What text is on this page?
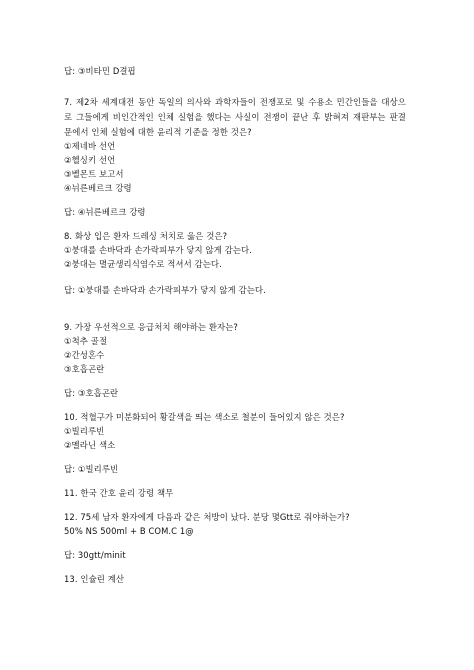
답: ③비타민 D결핍
7. 제2차 세계대전 동안 독일의 의사와 과학자들이 전쟁포로 및 수용소 민간인들을 대상으
로 그들에게 비인간적인 인체 실험을 했다는 사실이 전쟁이 끝난 후 밝혀져 재판부는 판결
문에서 인체 실험에 대한 윤리적 기준을 정한 것은?
①제네바 선언
②헬싱키 선언
③벨몬트 보고서
④뉘른베르크 강령
답: ④뉘른베르크 강령
8. 화상 입은 환자 드레싱 처치로 옳은 것은?
①붕대를 손바닥과 손가락피부가 닿지 않게 감는다.
②붕대는 멸균생리식염수로 적셔서 감는다.
답: ①붕대를 손바닥과 손가락피부가 닿지 않게 감는다.
9. 가장 우선적으로 응급처치 해야하는 환자는?
①척추 골절
②간성혼수
③호흡곤란
답: ③호흡곤란
10. 적혈구가 미분화되어 황갈색을 띄는 색소로 철분이 들어있지 않은 것은?
①빌리루빈
②멜라닌 색소
답: ①빌리루빈
11. 한국 간호 윤리 강령 책무
12. 75세 남자 환자에게 다음과 같은 처방이 났다. 분당 몇Gtt로 줘야하는가?
50% NS 500ml + B COM.C 1@
답: 30gtt/minit
13. 인슐린 계산
